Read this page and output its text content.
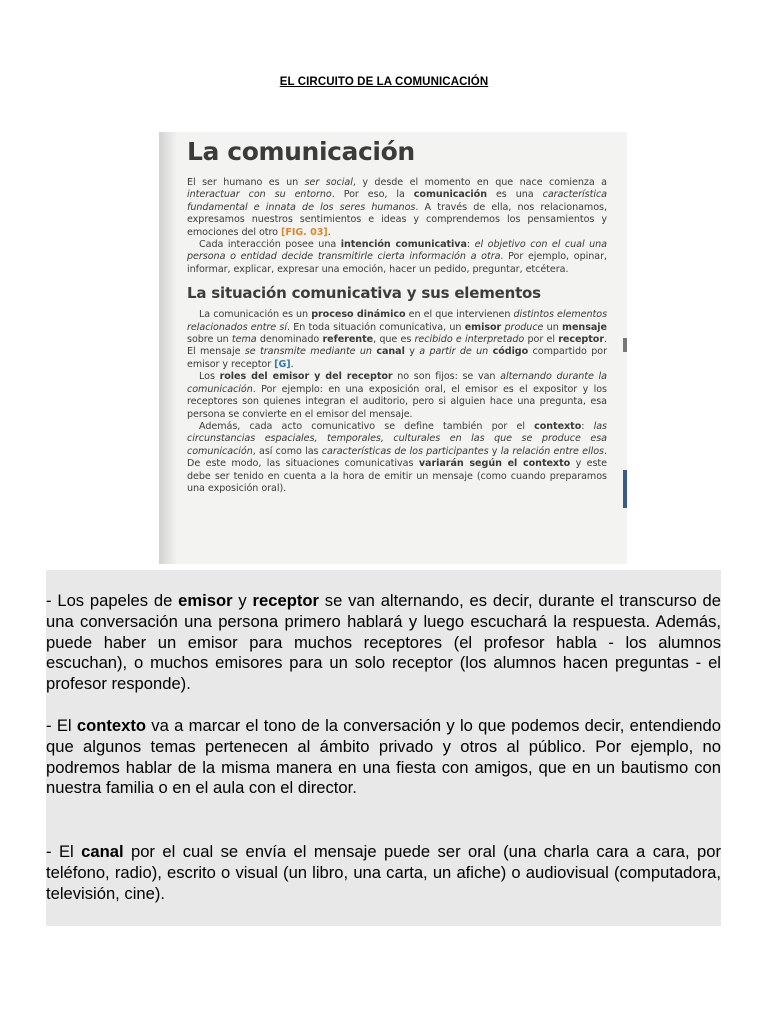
EL CIRCUITO DE LA COMUNICACIÓN
La comunicación

El ser humano es un ser social, y desde el momento en que nace comienza a interactuar con su entorno. Por eso, la comunicación es una característica fundamental e innata de los seres humanos. A través de ella, nos relacionamos, expresamos nuestros sentimientos e ideas y comprendemos los pensamientos y emociones del otro [FIG. 03].

Cada interacción posee una intención comunicativa: el objetivo con el cual una persona o entidad decide transmitirle cierta información a otra. Por ejemplo, opinar, informar, explicar, expresar una emoción, hacer un pedido, preguntar, etcétera.

La situación comunicativa y sus elementos

La comunicación es un proceso dinámico en el que intervienen distintos elementos relacionados entre sí. En toda situación comunicativa, un emisor produce un mensaje sobre un tema denominado referente, que es recibido e interpretado por el receptor. El mensaje se transmite mediante un canal y a partir de un código compartido por emisor y receptor [G].

Los roles del emisor y del receptor no son fijos: se van alternando durante la comunicación. Por ejemplo: en una exposición oral, el emisor es el expositor y los receptores son quienes integran el auditorio, pero si alguien hace una pregunta, esa persona se convierte en el emisor del mensaje.

Además, cada acto comunicativo se define también por el contexto: las circunstancias espaciales, temporales, culturales en las que se produce esa comunicación, así como las características de los participantes y la relación entre ellos. De este modo, las situaciones comunicativas variarán según el contexto y este debe ser tenido en cuenta a la hora de emitir un mensaje (como cuando preparamos una exposición oral).

- Los papeles de emisor y receptor se van alternando, es decir, durante el transcurso de una conversación una persona primero hablará y luego escuchará la respuesta. Además, puede haber un emisor para muchos receptores (el profesor habla - los alumnos escuchan), o muchos emisores para un solo receptor (los alumnos hacen preguntas - el profesor responde).

- El contexto va a marcar el tono de la conversación y lo que podemos decir, entendiendo que algunos temas pertenecen al ámbito privado y otros al público. Por ejemplo, no podremos hablar de la misma manera en una fiesta con amigos, que en un bautismo con nuestra familia o en el aula con el director.

- El canal por el cual se envía el mensaje puede ser oral (una charla cara a cara, por teléfono, radio), escrito o visual (un libro, una carta, un afiche) o audiovisual (computadora, televisión, cine).
